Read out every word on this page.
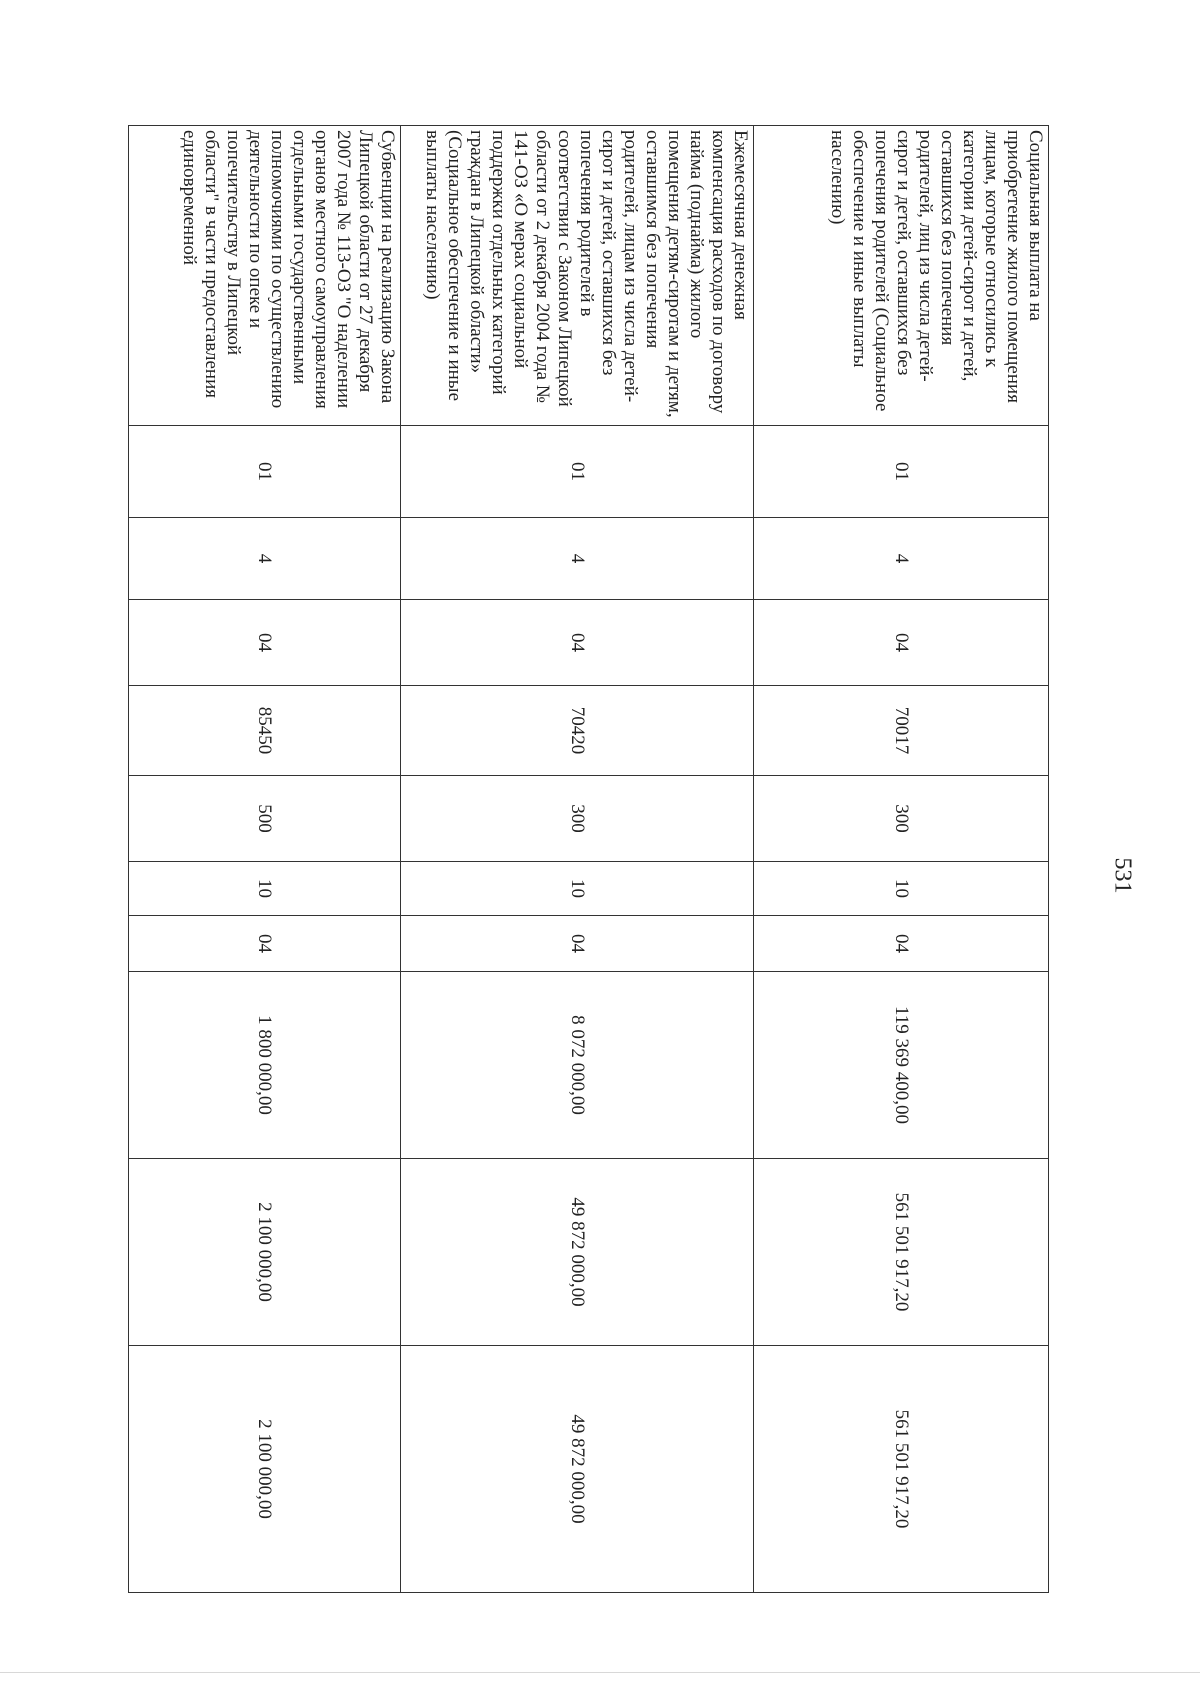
531
Социальная выплата на приобретение жилого помещения лицам, которые относились к категории детей-сирот и детей, оставшихся без попечения родителей, лиц из числа детей-сирот и детей, оставшихся без попечения родителей (Социальное обеспечение и иные выплаты населению)	01	4	04	70017	300	10	04	119 369 400,00	561 501 917,20	561 501 917,20
Ежемесячная денежная компенсация расходов по договору найма (поднайма) жилого помещения детям-сиротам и детям, оставшимся без попечения родителей, лицам из числа детей-сирот и детей, оставшихся без попечения родителей в соответствии с Законом Липецкой области от 2 декабря 2004 года № 141-ОЗ «О мерах социальной поддержки отдельных категорий граждан в Липецкой области» (Социальное обеспечение и иные выплаты населению)	01	4	04	70420	300	10	04	8 072 000,00	49 872 000,00	49 872 000,00
Субвенции на реализацию Закона Липецкой области от 27 декабря 2007 года № 113-ОЗ "О наделении органов местного самоуправления отдельными государственными полномочиями по осуществлению деятельности по опеке и попечительству в Липецкой области" в части предоставления единовременной	01	4	04	85450	500	10	04	1 800 000,00	2 100 000,00	2 100 000,00
